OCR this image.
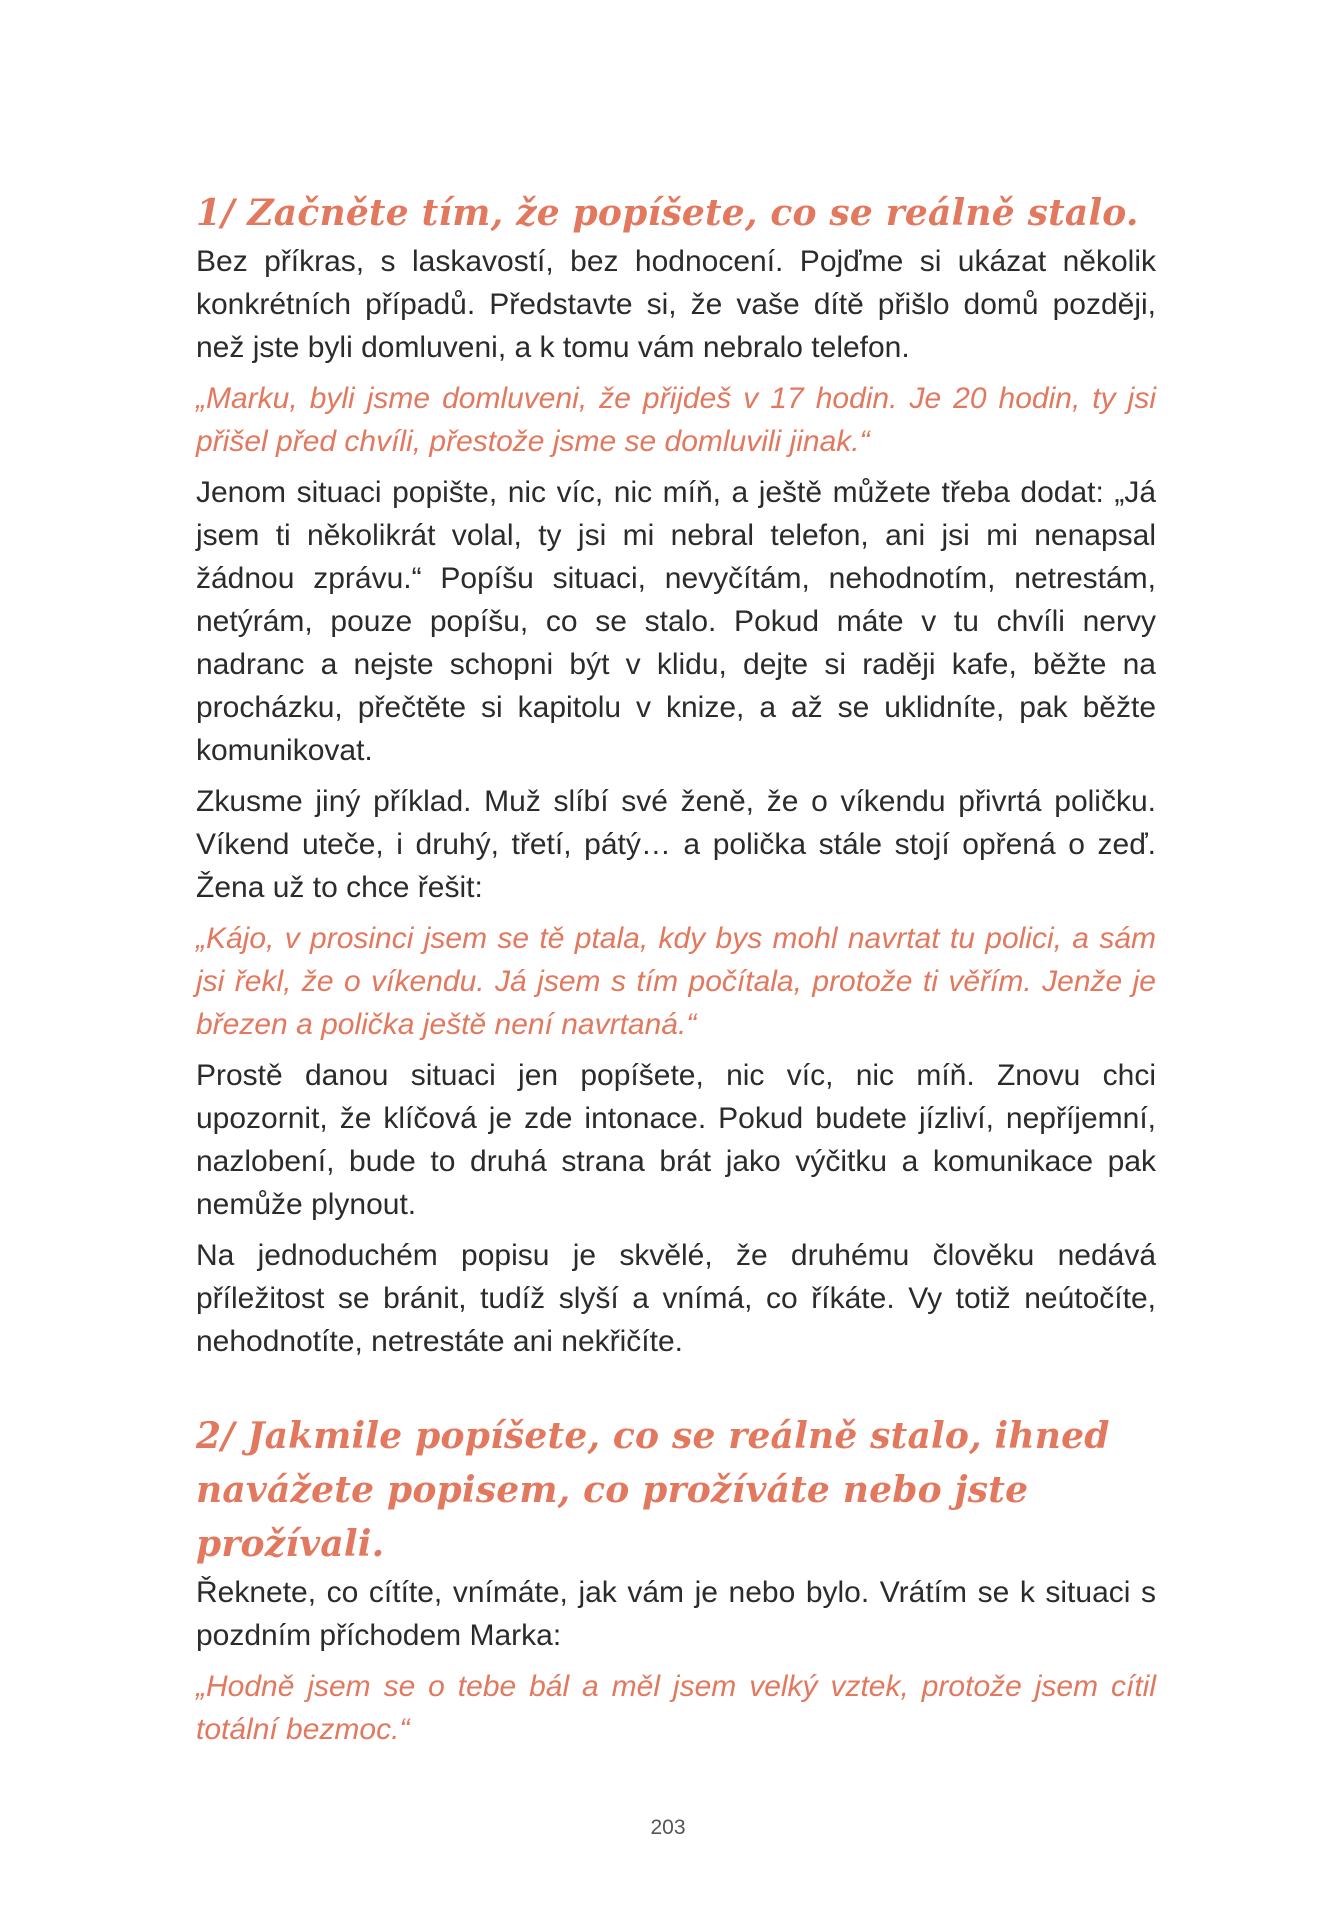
1/ Začněte tím, že popíšete, co se reálně stalo.

Bez příkras, s laskavostí, bez hodnocení. Pojďme si ukázat několik konkrétních případů. Představte si, že vaše dítě přišlo domů později, než jste byli domluveni, a k tomu vám nebralo telefon.

„Marku, byli jsme domluveni, že přijdeš v 17 hodin. Je 20 hodin, ty jsi přišel před chvíli, přestože jsme se domluvili jinak.“

Jenom situaci popište, nic víc, nic míň, a ještě můžete třeba dodat: „Já jsem ti několikrát volal, ty jsi mi nebral telefon, ani jsi mi nenapsal žádnou zprávu.“ Popíšu situaci, nevyčítám, nehodnotím, netrestám, netýrám, pouze popíšu, co se stalo. Pokud máte v tu chvíli nervy nadranc a nejste schopni být v klidu, dejte si raději kafe, běžte na procházku, přečtěte si kapitolu v knize, a až se uklidníte, pak běžte komunikovat.

Zkusme jiný příklad. Muž slíbí své ženě, že o víkendu přivrtá poličku. Víkend uteče, i druhý, třetí, pátý… a polička stále stojí opřená o zeď. Žena už to chce řešit:

„Kájo, v prosinci jsem se tě ptala, kdy bys mohl navrtat tu polici, a sám jsi řekl, že o víkendu. Já jsem s tím počítala, protože ti věřím. Jenže je březen a polička ještě není navrtaná.“

Prostě danou situaci jen popíšete, nic víc, nic míň. Znovu chci upozornit, že klíčová je zde intonace. Pokud budete jízliví, nepříjemní, nazlobení, bude to druhá strana brát jako výčitku a komunikace pak nemůže plynout.

Na jednoduchém popisu je skvělé, že druhému člověku nedává příležitost se bránit, tudíž slyší a vnímá, co říkáte. Vy totiž neútočíte, nehodnotíte, netrestáte ani nekřičíte.

2/ Jakmile popíšete, co se reálně stalo, ihned navážete popisem, co prožíváte nebo jste prožívali.

Řeknete, co cítíte, vnímáte, jak vám je nebo bylo. Vrátím se k situaci s pozdním příchodem Marka:

„Hodně jsem se o tebe bál a měl jsem velký vztek, protože jsem cítil totální bezmoc.“

203
